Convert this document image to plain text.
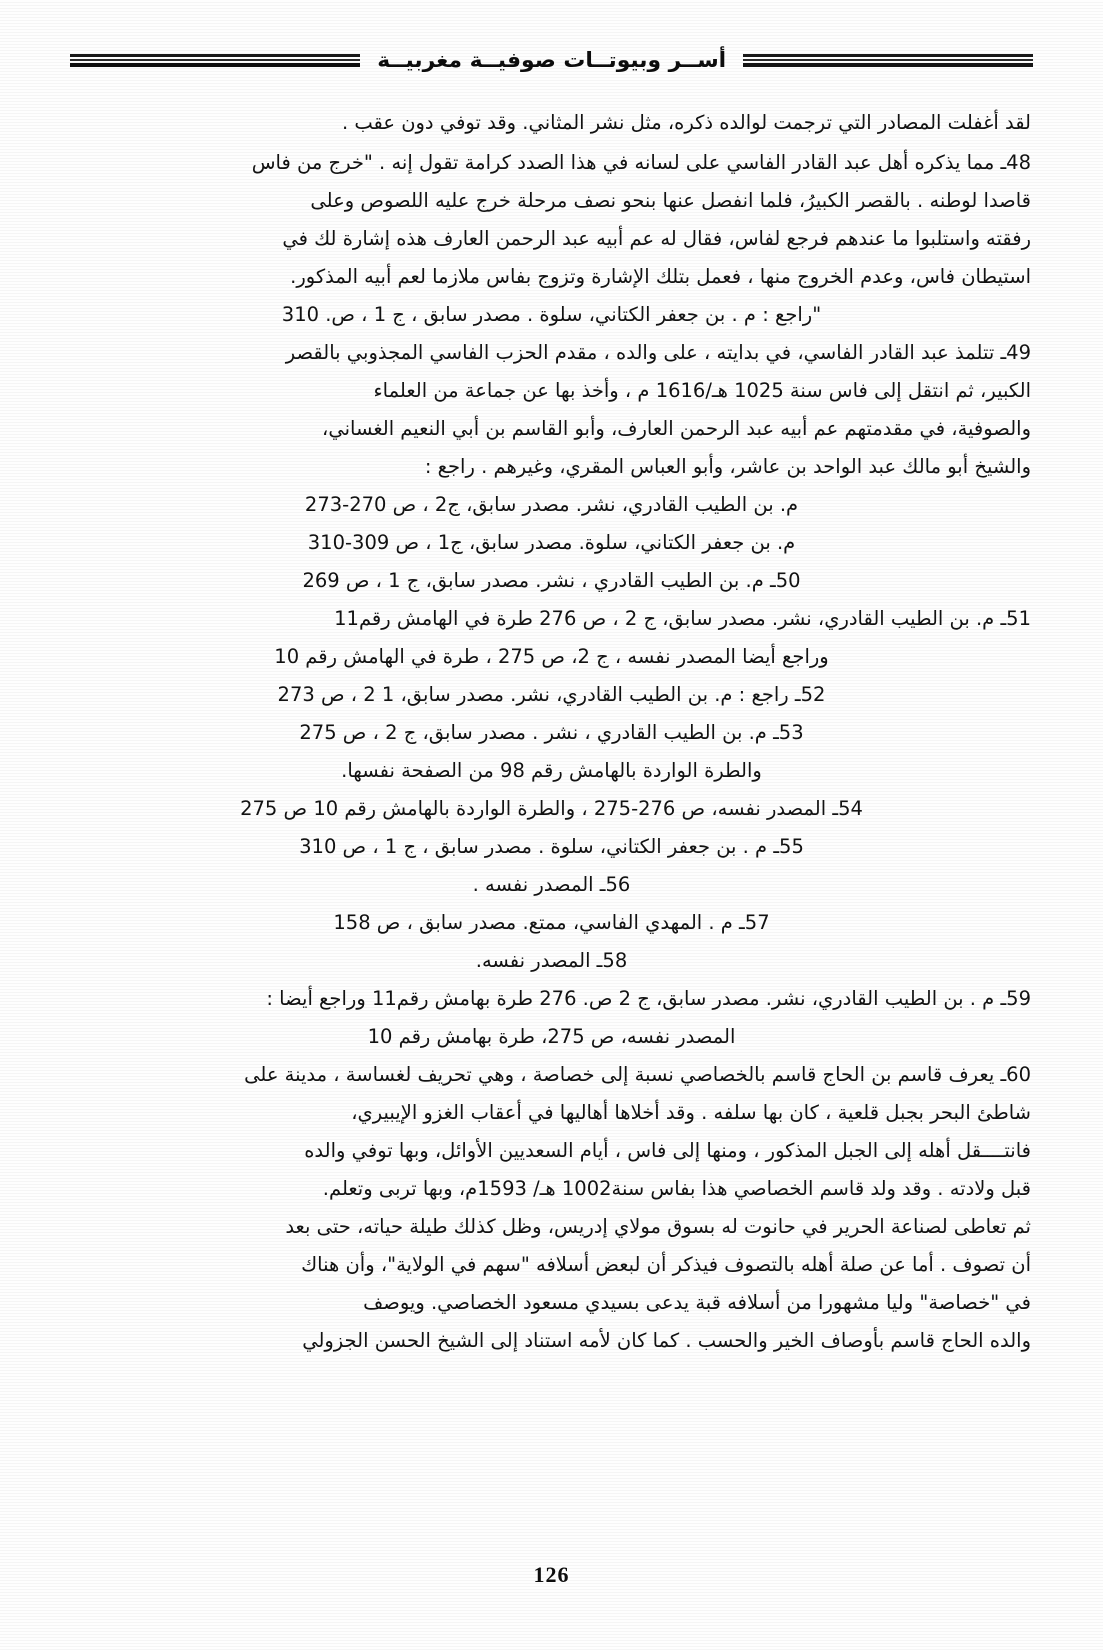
أســر وبيوتــات صوفيــة مغربيــة

لقد أغفلت المصادر التي ترجمت لوالده ذكره، مثل نشر المثاني. وقد توفي دون عقب .

48ـ مما يذكره أهل عبد القادر الفاسي على لسانه في هذا الصدد كرامة تقول إنه . "خرج من فاس

قاصدا لوطنه . بالقصر الكبيرُ، فلما انفصل عنها بنحو نصف مرحلة خرج عليه اللصوص وعلى

رفقته واستلبوا ما عندهم فرجع لفاس، فقال له عم أبيه عبد الرحمن العارف هذه إشارة لك في

استيطان فاس، وعدم الخروج منها ، فعمل بتلك الإشارة وتزوج بفاس ملازما لعم أبيه المذكور.

"راجع : م . بن جعفر الكتاني، سلوة . مصدر سابق ، ج 1 ، ص. 310

49ـ تتلمذ عبد القادر الفاسي، في بدايته ، على والده ، مقدم الحزب الفاسي المجذوبي بالقصر

الكبير، ثم انتقل إلى فاس سنة 1025 هـ/1616 م ، وأخذ بها عن جماعة من العلماء

والصوفية، في مقدمتهم عم أبيه عبد الرحمن العارف، وأبو القاسم بن أبي النعيم الغساني،

والشيخ أبو مالك عبد الواحد بن عاشر، وأبو العباس المقري، وغيرهم . راجع :

م. بن الطيب القادري، نشر. مصدر سابق، ج2 ، ص 270-273

م. بن جعفر الكتاني، سلوة. مصدر سابق، ج1 ، ص 309-310

50ـ م. بن الطيب القادري ، نشر. مصدر سابق، ج 1 ، ص 269

51ـ م. بن الطيب القادري، نشر. مصدر سابق، ج 2 ، ص 276 طرة في الهامش رقم11

وراجع أيضا المصدر نفسه ، ج 2، ص 275 ، طرة في الهامش رقم 10

52ـ راجع : م. بن الطيب القادري، نشر. مصدر سابق، 1 2 ، ص 273

53ـ م. بن الطيب القادري ، نشر . مصدر سابق، ج 2 ، ص 275

والطرة الواردة بالهامش رقم 98 من الصفحة نفسها.

54ـ المصدر نفسه، ص 276-275 ، والطرة الواردة بالهامش رقم 10 ص 275

55ـ م . بن جعفر الكتاني، سلوة . مصدر سابق ، ج 1 ، ص 310

56ـ المصدر نفسه .

57ـ م . المهدي الفاسي، ممتع. مصدر سابق ، ص 158

58ـ المصدر نفسه.

59ـ م . بن الطيب القادري، نشر. مصدر سابق، ج 2 ص. 276 طرة بهامش رقم11 وراجع أيضا :

المصدر نفسه، ص 275، طرة بهامش رقم 10

60ـ يعرف قاسم بن الحاج قاسم بالخصاصي نسبة إلى خصاصة ، وهي تحريف لغساسة ، مدينة على

شاطئ البحر بجبل قلعية ، كان بها سلفه . وقد أخلاها أهاليها في أعقاب الغزو الإيبيري،

فانتــــقل أهله إلى الجبل المذكور ، ومنها إلى فاس ، أيام السعديين الأوائل، وبها توفي والده

قبل ولادته . وقد ولد قاسم الخصاصي هذا بفاس سنة1002 هـ/ 1593م، وبها تربى وتعلم.

ثم تعاطى لصناعة الحرير في حانوت له بسوق مولاي إدريس، وظل كذلك طيلة حياته، حتى بعد

أن تصوف . أما عن صلة أهله بالتصوف فيذكر أن لبعض أسلافه "سهم في الولاية"، وأن هناك

في "خصاصة" وليا مشهورا من أسلافه قبة يدعى بسيدي مسعود الخصاصي. ويوصف

والده الحاج قاسم بأوصاف الخير والحسب . كما كان لأمه استناد إلى الشيخ الحسن الجزولي

126
